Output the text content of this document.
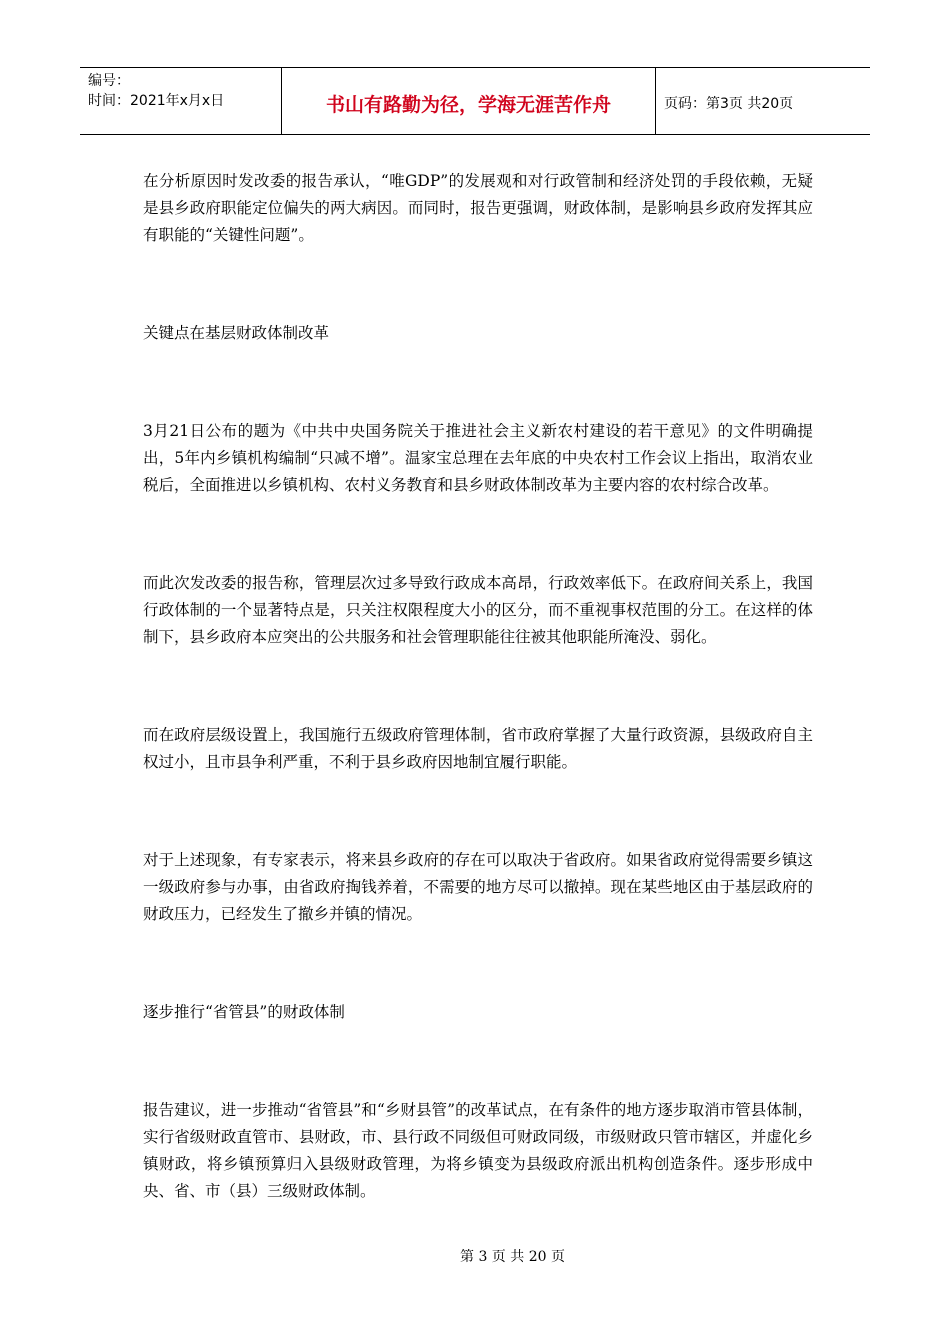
编号：
时间：2021年x月x日	书山有路勤为径，学海无涯苦作舟	页码：第3页 共20页

在分析原因时发改委的报告承认，“唯GDP”的发展观和对行政管制和经济处罚的手段依赖，无疑是县乡政府职能定位偏失的两大病因。而同时，报告更强调，财政体制，是影响县乡政府发挥其应有职能的“关键性问题”。

关键点在基层财政体制改革

3月21日公布的题为《中共中央国务院关于推进社会主义新农村建设的若干意见》的文件明确提出，5年内乡镇机构编制“只减不增”。温家宝总理在去年底的中央农村工作会议上指出，取消农业税后，全面推进以乡镇机构、农村义务教育和县乡财政体制改革为主要内容的农村综合改革。

而此次发改委的报告称，管理层次过多导致行政成本高昂，行政效率低下。在政府间关系上，我国行政体制的一个显著特点是，只关注权限程度大小的区分，而不重视事权范围的分工。在这样的体制下，县乡政府本应突出的公共服务和社会管理职能往往被其他职能所淹没、弱化。

而在政府层级设置上，我国施行五级政府管理体制，省市政府掌握了大量行政资源，县级政府自主权过小，且市县争利严重，不利于县乡政府因地制宜履行职能。

对于上述现象，有专家表示，将来县乡政府的存在可以取决于省政府。如果省政府觉得需要乡镇这一级政府参与办事，由省政府掏钱养着，不需要的地方尽可以撤掉。现在某些地区由于基层政府的财政压力，已经发生了撤乡并镇的情况。

逐步推行“省管县”的财政体制

报告建议，进一步推动“省管县”和“乡财县管”的改革试点，在有条件的地方逐步取消市管县体制，实行省级财政直管市、县财政，市、县行政不同级但可财政同级，市级财政只管市辖区，并虚化乡镇财政，将乡镇预算归入县级财政管理，为将乡镇变为县级政府派出机构创造条件。逐步形成中央、省、市（县）三级财政体制。

第 3 页 共 20 页
